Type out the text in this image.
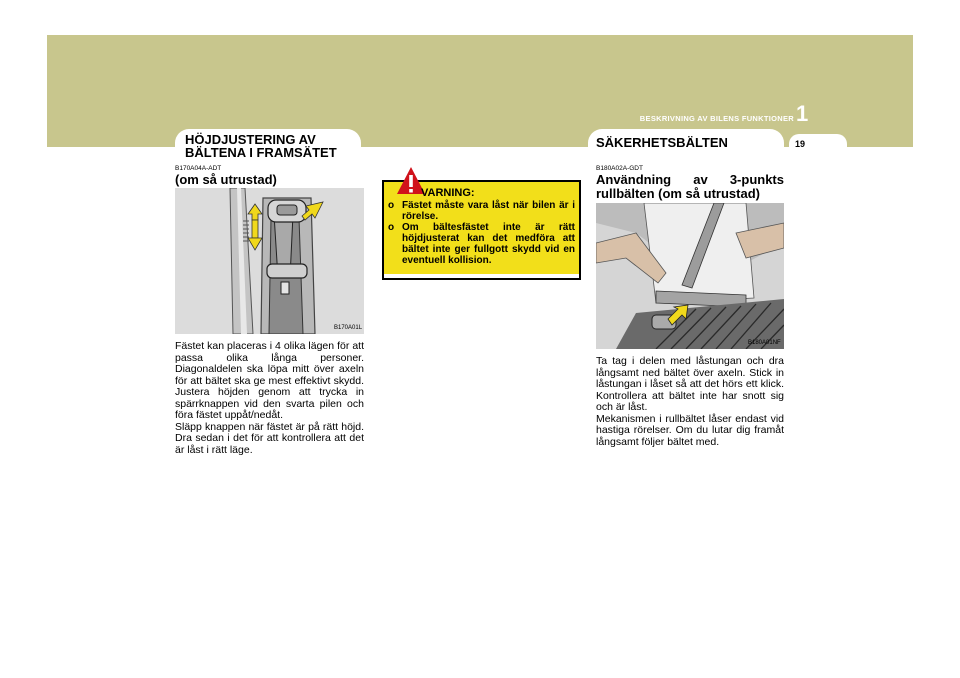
BESKRIVNING AV BILENS FUNKTIONER 1
19
HÖJDJUSTERING AV
BÄLTENA I FRAMSÄTET
B170A04A-ADT
(om så utrustad)
B170A01L

Fästet kan placeras i 4 olika lägen för att passa olika långa personer. Diagonaldelen ska löpa mitt över axeln för att bältet ska ge mest effektivt skydd. Justera höjden genom att trycka in spärrknappen vid den svarta pilen och föra fästet uppåt/nedåt.

Släpp knappen när fästet är på rätt höjd. Dra sedan i det för att kontrollera att det är låst i rätt läge.

VARNING:
o Fästet måste vara låst när bilen är i rörelse.
o Om bältesfästet inte är rätt höjdjusterat kan det medföra att bältet inte ger fullgott skydd vid en eventuell kollision.
SÄKERHETSBÄLTEN
B180A02A-GDT
Användning av 3-punkts
rullbälten (om så utrustad)
B180A01NF

Ta tag i delen med låstungan och dra långsamt ned bältet över axeln. Stick in låstungan i låset så att det hörs ett klick. Kontrollera att bältet inte har snott sig och är låst.

Mekanismen i rullbältet låser endast vid hastiga rörelser. Om du lutar dig framåt långsamt följer bältet med.
